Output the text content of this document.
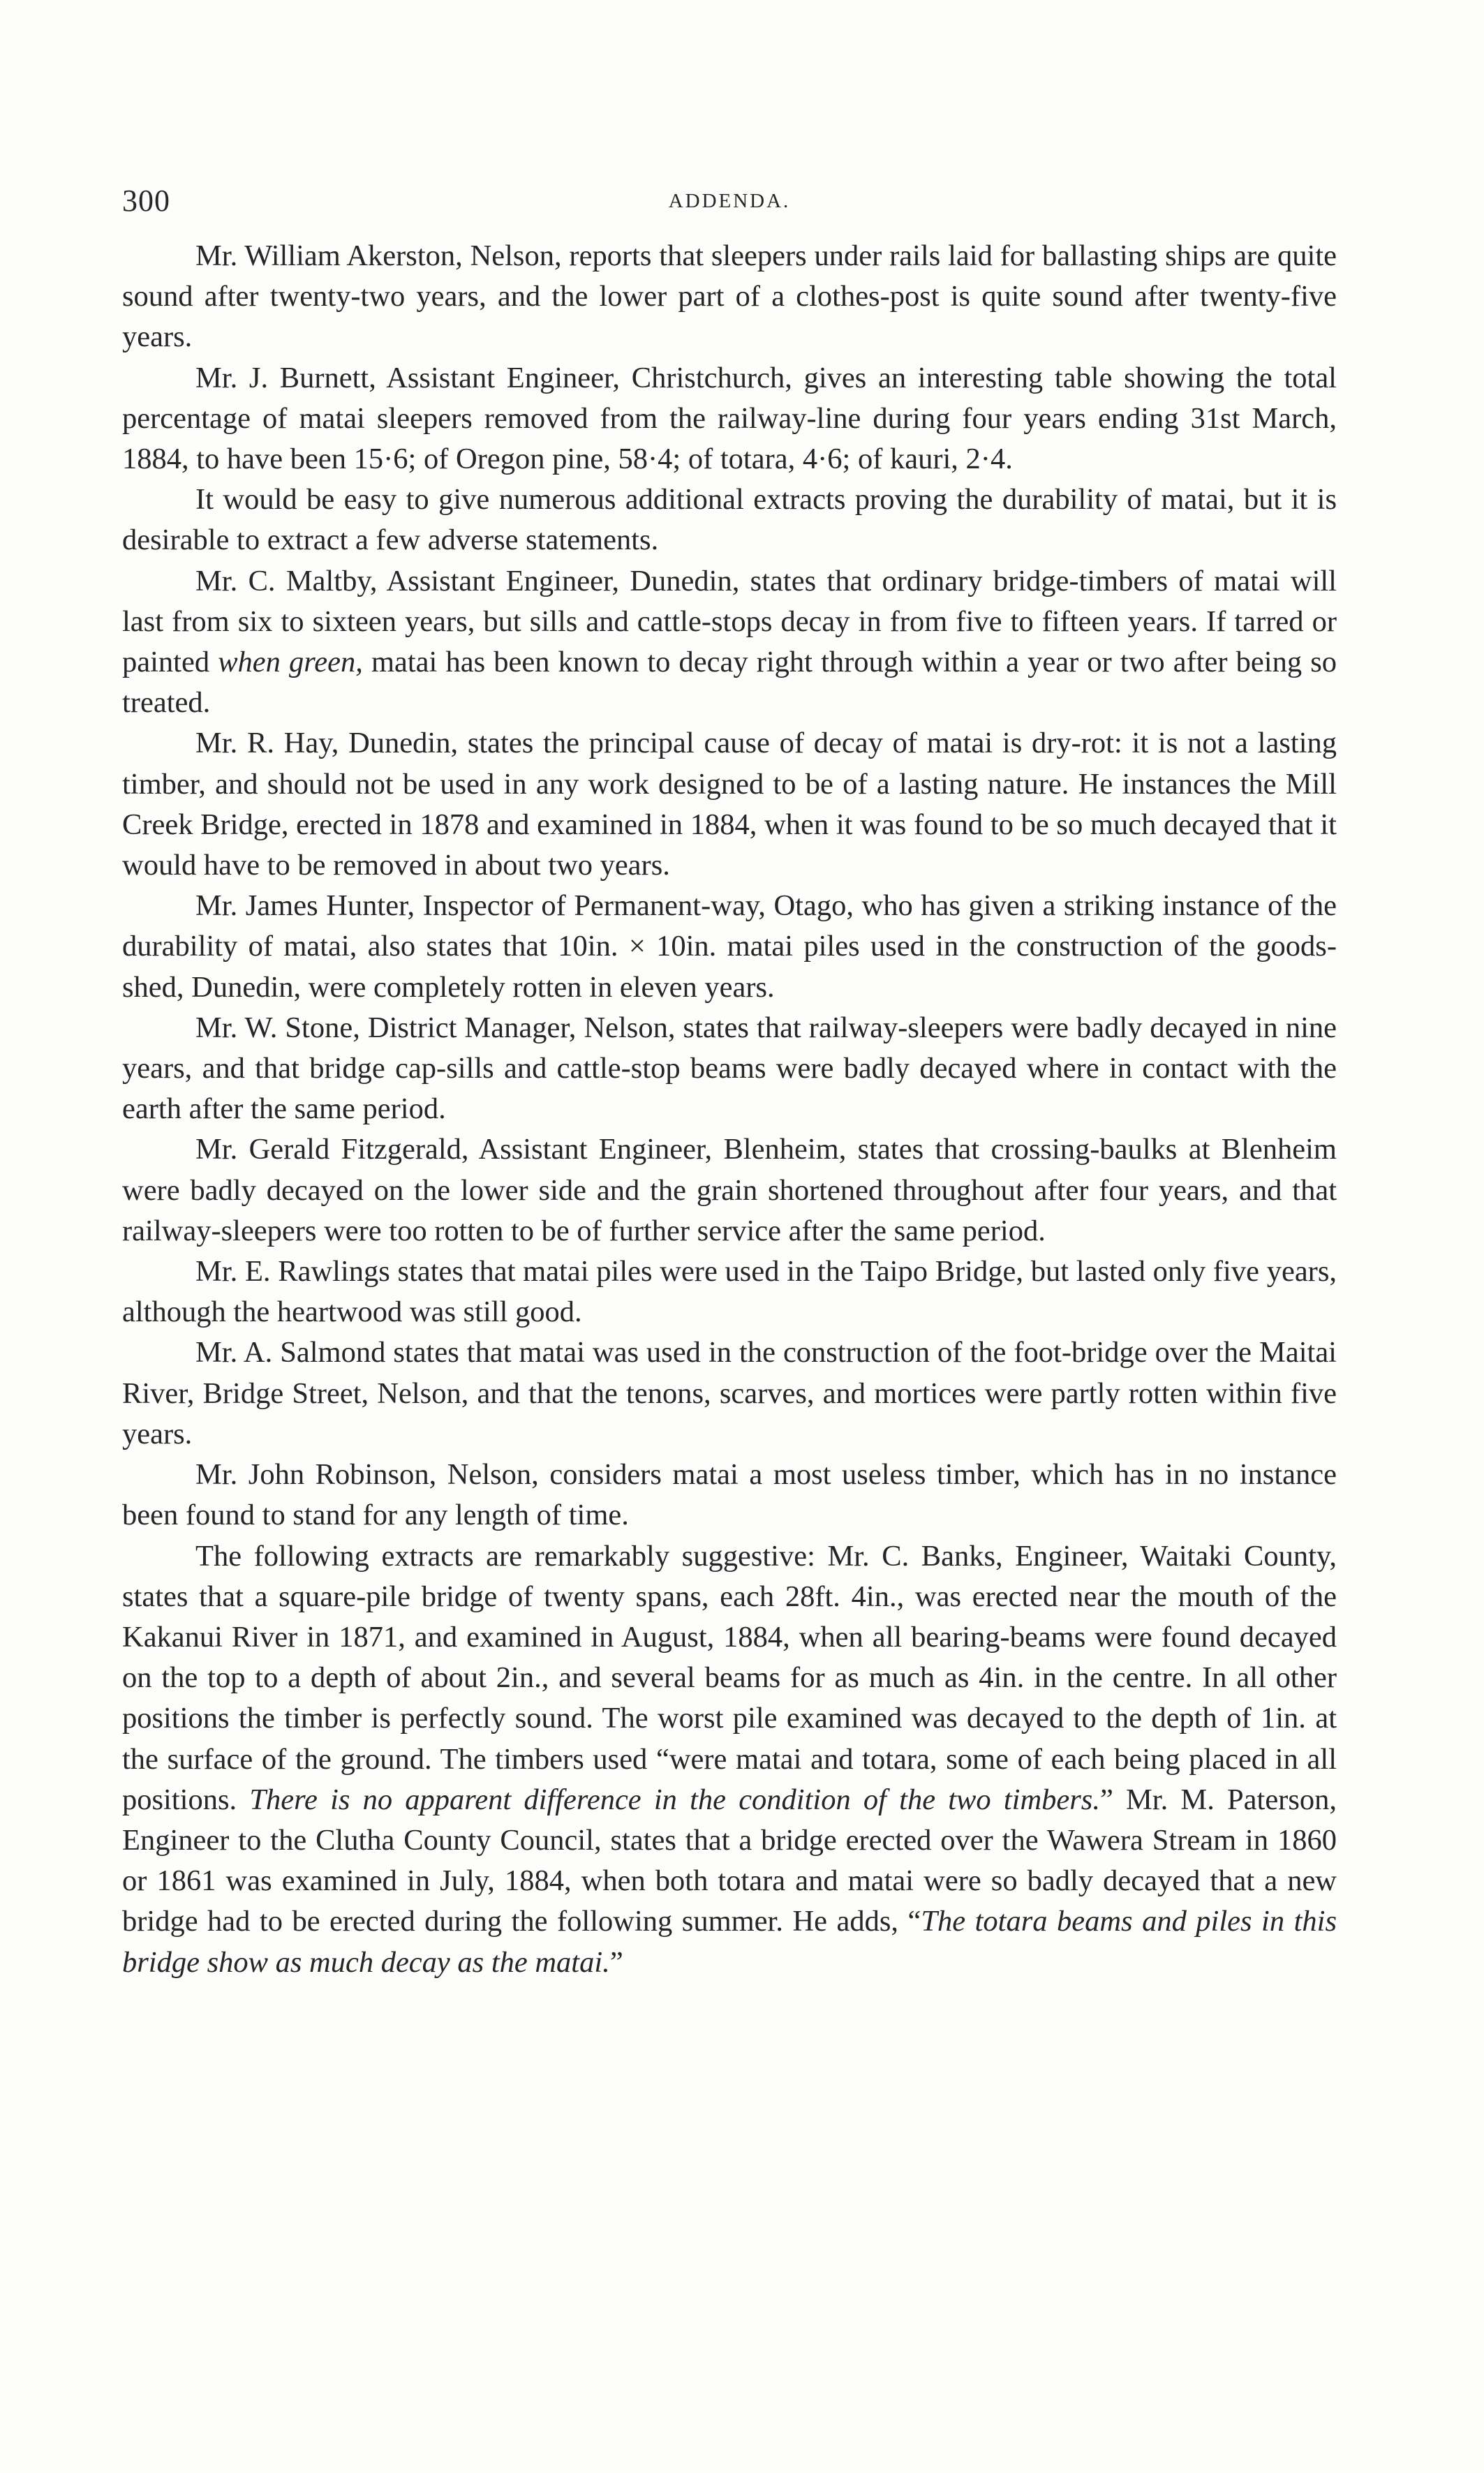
300	ADDENDA.

Mr. William Akerston, Nelson, reports that sleepers under rails laid for ballasting ships are quite sound after twenty-two years, and the lower part of a clothes-post is quite sound after twenty-five years.

Mr. J. Burnett, Assistant Engineer, Christchurch, gives an interesting table showing the total percentage of matai sleepers removed from the railway-line during four years ending 31st March, 1884, to have been 15·6; of Oregon pine, 58·4; of totara, 4·6; of kauri, 2·4.

It would be easy to give numerous additional extracts proving the durability of matai, but it is desirable to extract a few adverse statements.

Mr. C. Maltby, Assistant Engineer, Dunedin, states that ordinary bridge-timbers of matai will last from six to sixteen years, but sills and cattle-stops decay in from five to fifteen years. If tarred or painted when green, matai has been known to decay right through within a year or two after being so treated.

Mr. R. Hay, Dunedin, states the principal cause of decay of matai is dry-rot: it is not a lasting timber, and should not be used in any work designed to be of a lasting nature. He instances the Mill Creek Bridge, erected in 1878 and examined in 1884, when it was found to be so much decayed that it would have to be removed in about two years.

Mr. James Hunter, Inspector of Permanent-way, Otago, who has given a striking instance of the durability of matai, also states that 10in. × 10in. matai piles used in the construction of the goods-shed, Dunedin, were completely rotten in eleven years.

Mr. W. Stone, District Manager, Nelson, states that railway-sleepers were badly decayed in nine years, and that bridge cap-sills and cattle-stop beams were badly decayed where in contact with the earth after the same period.

Mr. Gerald Fitzgerald, Assistant Engineer, Blenheim, states that crossing-baulks at Blenheim were badly decayed on the lower side and the grain shortened throughout after four years, and that railway-sleepers were too rotten to be of further service after the same period.

Mr. E. Rawlings states that matai piles were used in the Taipo Bridge, but lasted only five years, although the heartwood was still good.

Mr. A. Salmond states that matai was used in the construction of the foot-bridge over the Maitai River, Bridge Street, Nelson, and that the tenons, scarves, and mortices were partly rotten within five years.

Mr. John Robinson, Nelson, considers matai a most useless timber, which has in no instance been found to stand for any length of time.

The following extracts are remarkably suggestive: Mr. C. Banks, Engineer, Waitaki County, states that a square-pile bridge of twenty spans, each 28ft. 4in., was erected near the mouth of the Kakanui River in 1871, and examined in August, 1884, when all bearing-beams were found decayed on the top to a depth of about 2in., and several beams for as much as 4in. in the centre. In all other positions the timber is perfectly sound. The worst pile examined was decayed to the depth of 1in. at the surface of the ground. The timbers used “were matai and totara, some of each being placed in all positions. There is no apparent difference in the condition of the two timbers.” Mr. M. Paterson, Engineer to the Clutha County Council, states that a bridge erected over the Wawera Stream in 1860 or 1861 was examined in July, 1884, when both totara and matai were so badly decayed that a new bridge had to be erected during the following summer. He adds, “The totara beams and piles in this bridge show as much decay as the matai.”
